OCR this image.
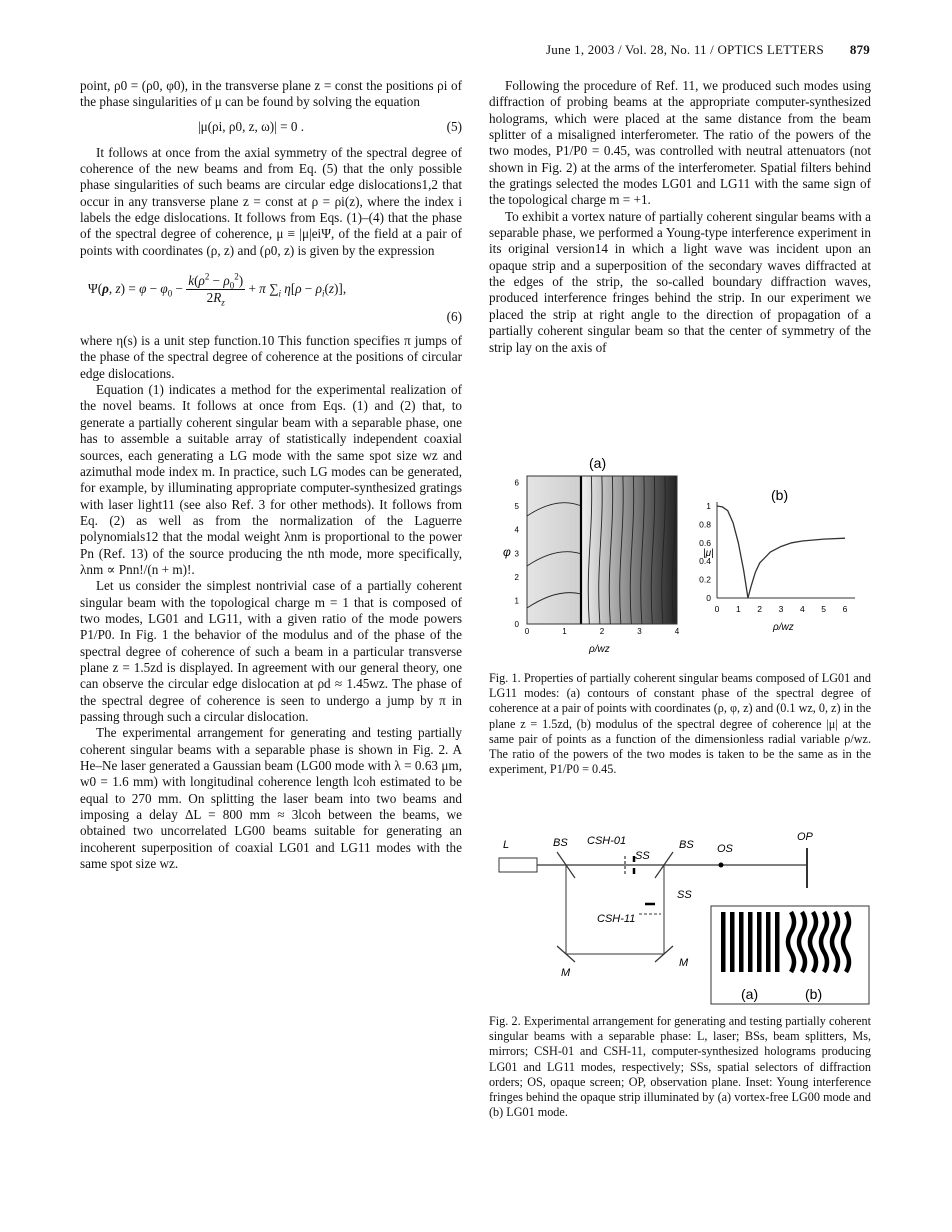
June 1, 2003 / Vol. 28, No. 11 / OPTICS LETTERS 879

point, ρ0 = (ρ0, φ0), in the transverse plane z = const the positions ρi of the phase singularities of μ can be found by solving the equation

|μ(ρi, ρ0, z, ω)| = 0 .	(5)

It follows at once from the axial symmetry of the spectral degree of coherence of the new beams and from Eq. (5) that the only possible phase singularities of such beams are circular edge dislocations1,2 that occur in any transverse plane z = const at ρ = ρi(z), where the index i labels the edge dislocations. It follows from Eqs. (1)–(4) that the phase of the spectral degree of coherence, μ ≡ |μ|eiΨ, of the field at a pair of points with coordinates (ρ, z) and (ρ0, z) is given by the expression

Ψ(ρ, $z) = \varphi - \varphi_0 - \frac{k(\rho^2 - \rho_0^2)}{2R_z} + \pi$ $\sum_i$ $\eta[\rho - \rho_i(z)]$,
(6)

where η(s) is a unit step function.10 This function specifies π jumps of the phase of the spectral degree of coherence at the positions of circular edge dislocations.

Equation (1) indicates a method for the experimental realization of the novel beams. It follows at once from Eqs. (1) and (2) that, to generate a partially coherent singular beam with a separable phase, one has to assemble a suitable array of statistically independent coaxial sources, each generating a LG mode with the same spot size wz and azimuthal mode index m. In practice, such LG modes can be generated, for example, by illuminating appropriate computer-synthesized gratings with laser light11 (see also Ref. 3 for other methods). It follows from Eq. (2) as well as from the normalization of the Laguerre polynomials12 that the modal weight λnm is proportional to the power Pn (Ref. 13) of the source producing the nth mode, more specifically, λnm ∝ Pnn!/(n + m)!.

Let us consider the simplest nontrivial case of a partially coherent singular beam with the topological charge m = 1 that is composed of two modes, LG01 and LG11, with a given ratio of the mode powers P1/P0. In Fig. 1 the behavior of the modulus and of the phase of the spectral degree of coherence of such a beam in a particular transverse plane z = 1.5zd is displayed. In agreement with our general theory, one can observe the circular edge dislocation at ρd ≈ 1.45wz. The phase of the spectral degree of coherence is seen to undergo a jump by π in passing through such a circular dislocation.

The experimental arrangement for generating and testing partially coherent singular beams with a separable phase is shown in Fig. 2. A He–Ne laser generated a Gaussian beam (LG00 mode with λ = 0.63 μm, w0 = 1.6 mm) with longitudinal coherence length lcoh estimated to be equal to 270 mm. On splitting the laser beam into two beams and imposing a delay ΔL = 800 mm ≈ 3lcoh between the beams, we obtained two uncorrelated LG00 beams suitable for generating an incoherent superposition of coaxial LG01 and LG11 modes with the same spot size wz.

Following the procedure of Ref. 11, we produced such modes using diffraction of probing beams at the appropriate computer-synthesized holograms, which were placed at the same distance from the beam splitter of a misaligned interferometer. The ratio of the powers of the two modes, P1/P0 = 0.45, was controlled with neutral attenuators (not shown in Fig. 2) at the arms of the interferometer. Spatial filters behind the gratings selected the modes LG01 and LG11 with the same sign of the topological charge m = +1.

To exhibit a vortex nature of partially coherent singular beams with a separable phase, we performed a Young-type interference experiment in its original version14 in which a light wave was incident upon an opaque strip and a superposition of the secondary waves diffracted at the edges of the strip, the so-called boundary diffraction waves, produced interference fringes behind the strip. In our experiment we placed the strip at right angle to the direction of propagation of a partially coherent singular beam so that the center of symmetry of the strip lay on the axis of

(a)
0
1
2
3
4
5
6
0	1	2	3	4
φ
ρ/wz
(b)
0
0.2
0.4
0.6
0.8
1
0 1 2 3 4 5 6
|μ|
ρ/wz
Fig. 1. Properties of partially coherent singular beams composed of LG01 and LG11 modes: (a) contours of constant phase of the spectral degree of coherence at a pair of points with coordinates (ρ, φ, z) and (0.1 wz, 0, z) in the plane z = 1.5zd, (b) modulus of the spectral degree of coherence |μ| at the same pair of points as a function of the dimensionless radial variable ρ/wz. The ratio of the powers of the two modes is taken to be the same as in the experiment, P1/P0 = 0.45.
L	BS CSH-01
SS
BS OS
OP
SS
CSH-11
M
M
(a)	(b)
Fig. 2. Experimental arrangement for generating and testing partially coherent singular beams with a separable phase: L, laser; BSs, beam splitters, Ms, mirrors; CSH-01 and CSH-11, computer-synthesized holograms producing LG01 and LG11 modes, respectively; SSs, spatial selectors of diffraction orders; OS, opaque screen; OP, observation plane. Inset: Young interference fringes behind the opaque strip illuminated by (a) vortex-free LG00 mode and (b) LG01 mode.
